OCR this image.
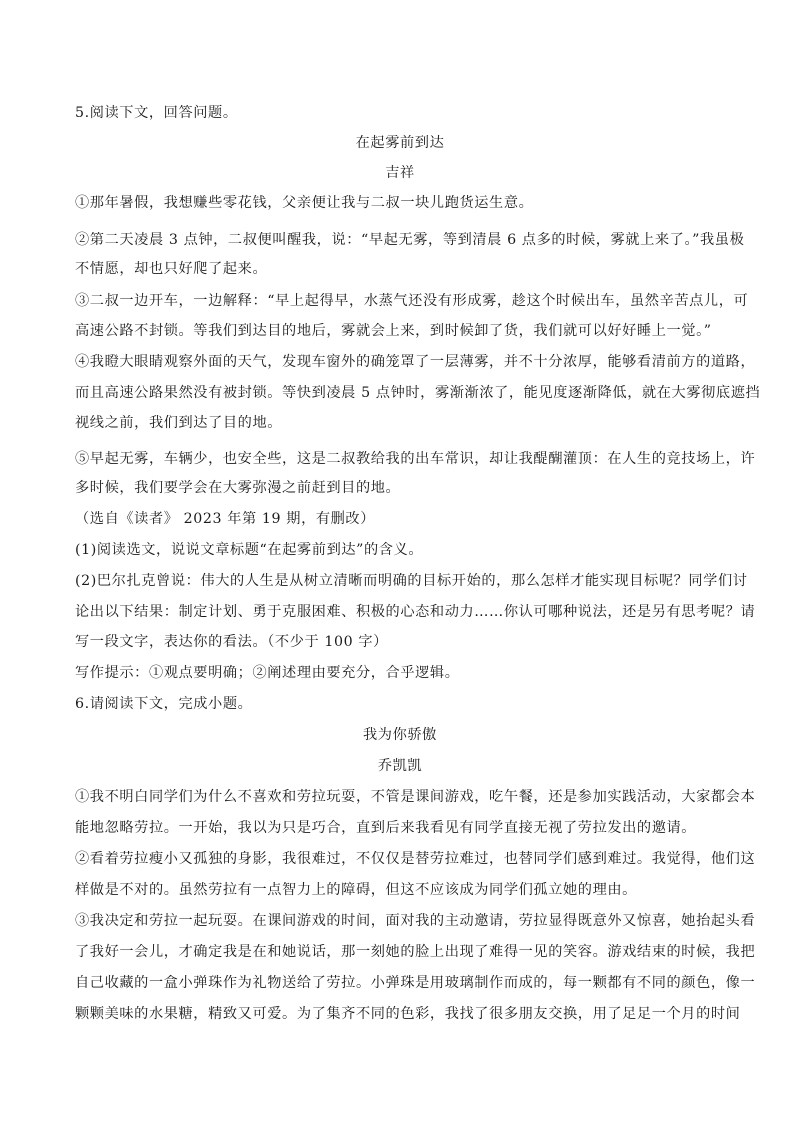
5.阅读下文，回答问题。
在起雾前到达
吉祥
①那年暑假，我想赚些零花钱，父亲便让我与二叔一块儿跑货运生意。
②第二天凌晨 3 点钟，二叔便叫醒我，说：“早起无雾，等到清晨 6 点多的时候，雾就上来了。”我虽极
不情愿，却也只好爬了起来。
③二叔一边开车，一边解释：“早上起得早，水蒸气还没有形成雾，趁这个时候出车，虽然辛苦点儿，可
高速公路不封锁。等我们到达目的地后，雾就会上来，到时候卸了货，我们就可以好好睡上一觉。”
④我瞪大眼睛观察外面的天气，发现车窗外的确笼罩了一层薄雾，并不十分浓厚，能够看清前方的道路，
而且高速公路果然没有被封锁。等快到凌晨 5 点钟时，雾渐渐浓了，能见度逐渐降低，就在大雾彻底遮挡
视线之前，我们到达了目的地。
⑤早起无雾，车辆少，也安全些，这是二叔教给我的出车常识，却让我醍醐灌顶：在人生的竞技场上，许
多时候，我们要学会在大雾弥漫之前赶到目的地。
（选自《读者》 2023 年第 19 期，有删改）
(1)阅读选文，说说文章标题“在起雾前到达”的含义。
(2)巴尔扎克曾说：伟大的人生是从树立清晰而明确的目标开始的，那么怎样才能实现目标呢？同学们讨
论出以下结果：制定计划、勇于克服困难、积极的心态和动力……你认可哪种说法，还是另有思考呢？请
写一段文字，表达你的看法。（不少于 100 字）
写作提示：①观点要明确；②阐述理由要充分，合乎逻辑。
6.请阅读下文，完成小题。
我为你骄傲
乔凯凯
①我不明白同学们为什么不喜欢和劳拉玩耍，不管是课间游戏，吃午餐，还是参加实践活动，大家都会本
能地忽略劳拉。一开始，我以为只是巧合，直到后来我看见有同学直接无视了劳拉发出的邀请。
②看着劳拉瘦小又孤独的身影，我很难过，不仅仅是替劳拉难过，也替同学们感到难过。我觉得，他们这
样做是不对的。虽然劳拉有一点智力上的障碍，但这不应该成为同学们孤立她的理由。
③我决定和劳拉一起玩耍。在课间游戏的时间，面对我的主动邀请，劳拉显得既意外又惊喜，她抬起头看
了我好一会儿，才确定我是在和她说话，那一刻她的脸上出现了难得一见的笑容。游戏结束的时候，我把
自己收藏的一盒小弹珠作为礼物送给了劳拉。小弹珠是用玻璃制作而成的，每一颗都有不同的颜色，像一
颗颗美味的水果糖，精致又可爱。为了集齐不同的色彩，我找了很多朋友交换，用了足足一个月的时间
